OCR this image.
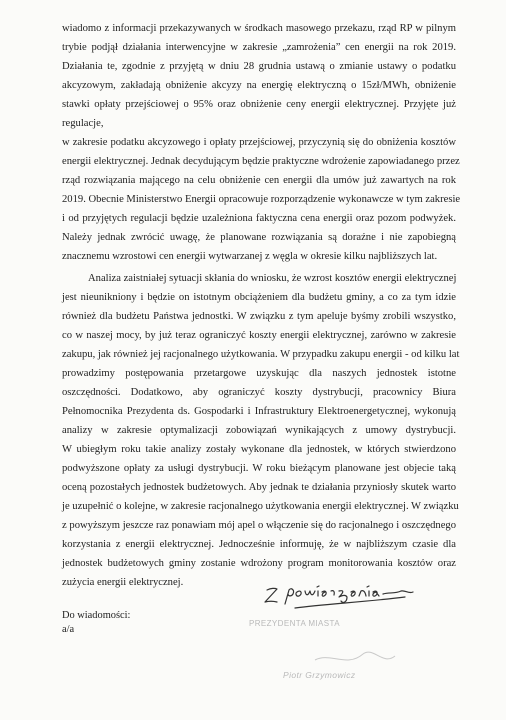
wiadomo z informacji przekazywanych w środkach masowego przekazu, rząd RP w pilnym
trybie podjął działania interwencyjne w zakresie „zamrożenia” cen energii na rok 2019.
Działania te, zgodnie z przyjętą w dniu 28 grudnia ustawą o zmianie ustawy o podatku
akcyzowym, zakładają obniżenie akcyzy na energię elektryczną o 15zł/MWh, obniżenie
stawki opłaty przejściowej o 95% oraz obniżenie ceny energii elektrycznej. Przyjęte już
regulacje,
w zakresie podatku akcyzowego i opłaty przejściowej, przyczynią się do obniżenia kosztów
energii elektrycznej. Jednak decydującym będzie praktyczne wdrożenie zapowiadanego przez
rząd rozwiązania mającego na celu obniżenie cen energii dla umów już zawartych na rok
2019. Obecnie Ministerstwo Energii opracowuje rozporządzenie wykonawcze w tym zakresie
i od przyjętych regulacji będzie uzależniona faktyczna cena energii oraz pozom podwyżek.
Należy jednak zwrócić uwagę, że planowane rozwiązania są doraźne i nie zapobiegną
znacznemu wzrostowi cen energii wytwarzanej z węgla w okresie kilku najbliższych lat.
Analiza zaistniałej sytuacji skłania do wniosku, że wzrost kosztów energii elektrycznej
jest nieunikniony i będzie on istotnym obciążeniem dla budżetu gminy, a co za tym idzie
również dla budżetu Państwa jednostki. W związku z tym apeluje byśmy zrobili wszystko,
co w naszej mocy, by już teraz ograniczyć koszty energii elektrycznej, zarówno w zakresie
zakupu, jak również jej racjonalnego użytkowania. W przypadku zakupu energii - od kilku lat
prowadzimy postępowania przetargowe uzyskując dla naszych jednostek istotne
oszczędności. Dodatkowo, aby ograniczyć koszty dystrybucji, pracownicy Biura
Pełnomocnika Prezydenta ds. Gospodarki i Infrastruktury Elektroenergetycznej, wykonują
analizy w zakresie optymalizacji zobowiązań wynikających z umowy dystrybucji.
W ubiegłym roku takie analizy zostały wykonane dla jednostek, w których stwierdzono
podwyższone opłaty za usługi dystrybucji. W roku bieżącym planowane jest objecie taką
oceną pozostałych jednostek budżetowych. Aby jednak te działania przyniosły skutek warto
je uzupełnić o kolejne, w zakresie racjonalnego użytkowania energii elektrycznej. W związku
z powyższym jeszcze raz ponawiam mój apel o włączenie się do racjonalnego i oszczędnego
korzystania z energii elektrycznej. Jednocześnie informuję, że w najbliższym czasie dla
jednostek budżetowych gminy zostanie wdrożony program monitorowania kosztów oraz
zużycia energii elektrycznej.
Do wiadomości:
a/a
PREZYDENTA MIASTA
Piotr Grzymowicz
